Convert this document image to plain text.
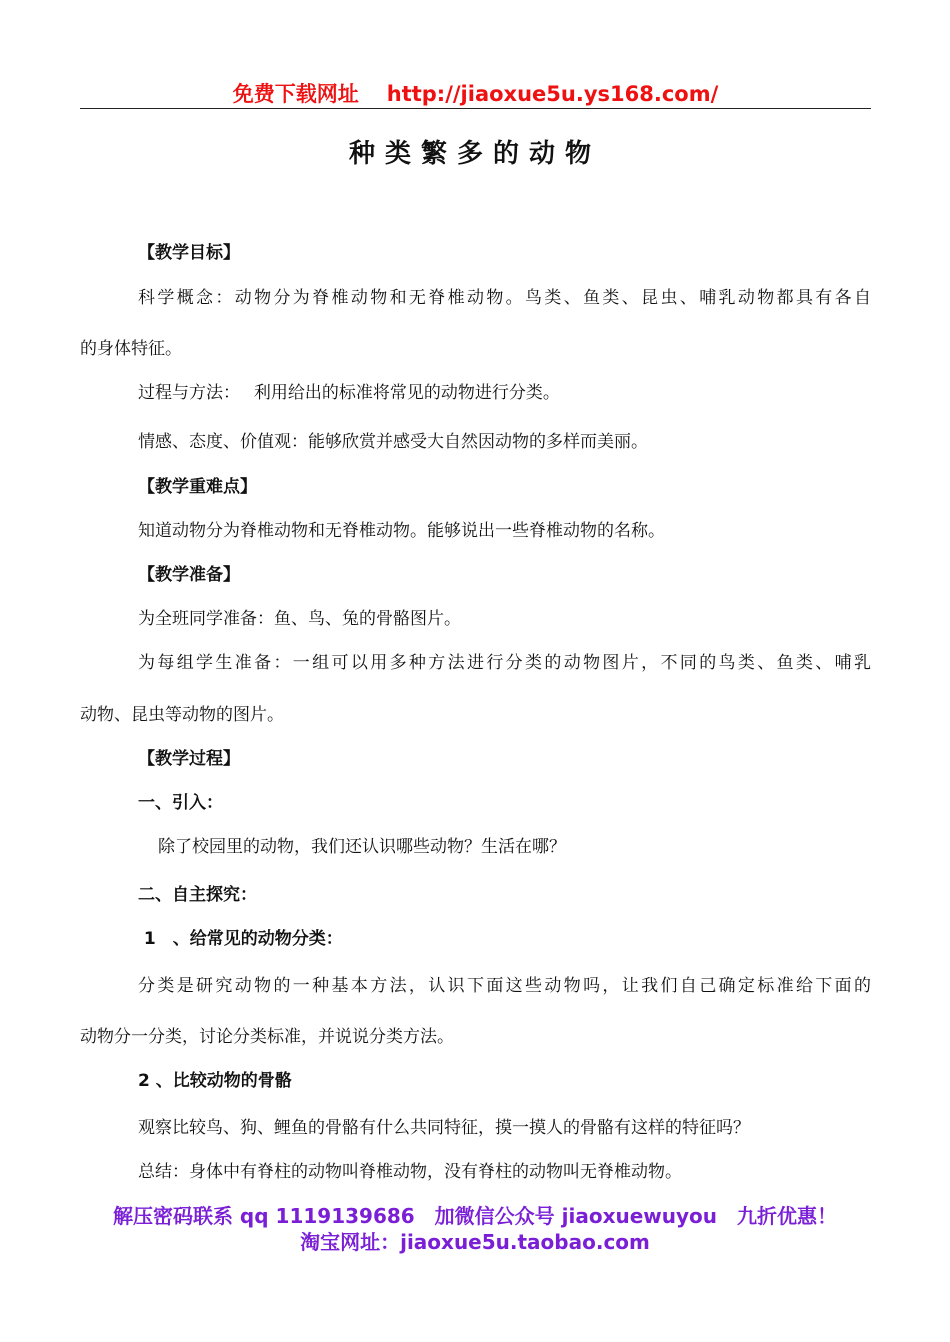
免费下载网址 http://jiaoxue5u.ys168.com/
种类繁多的动物
【教学目标】
科学概念：动物分为脊椎动物和无脊椎动物。鸟类、鱼类、昆虫、哺乳动物都具有各自
的身体特征。
过程与方法：　 利用给出的标准将常见的动物进行分类。
情感、态度、价值观：能够欣赏并感受大自然因动物的多样而美丽。
【教学重难点】
知道动物分为脊椎动物和无脊椎动物。能够说出一些脊椎动物的名称。
【教学准备】
为全班同学准备：鱼、鸟、兔的骨骼图片。
为每组学生准备：一组可以用多种方法进行分类的动物图片，不同的鸟类、鱼类、哺乳
动物、昆虫等动物的图片。
【教学过程】
一、引入：
除了校园里的动物，我们还认识哪些动物？生活在哪？
二、自主探究：
1　、给常见的动物分类：
分类是研究动物的一种基本方法，认识下面这些动物吗，让我们自己确定标准给下面的
动物分一分类，讨论分类标准，并说说分类方法。
2 、比较动物的骨骼
观察比较鸟、狗、鲤鱼的骨骼有什么共同特征，摸一摸人的骨骼有这样的特征吗？
总结：身体中有脊柱的动物叫脊椎动物，没有脊柱的动物叫无脊椎动物。
解压密码联系 qq 1119139686　加微信公众号 jiaoxuewuyou　九折优惠！
淘宝网址：jiaoxue5u.taobao.com
